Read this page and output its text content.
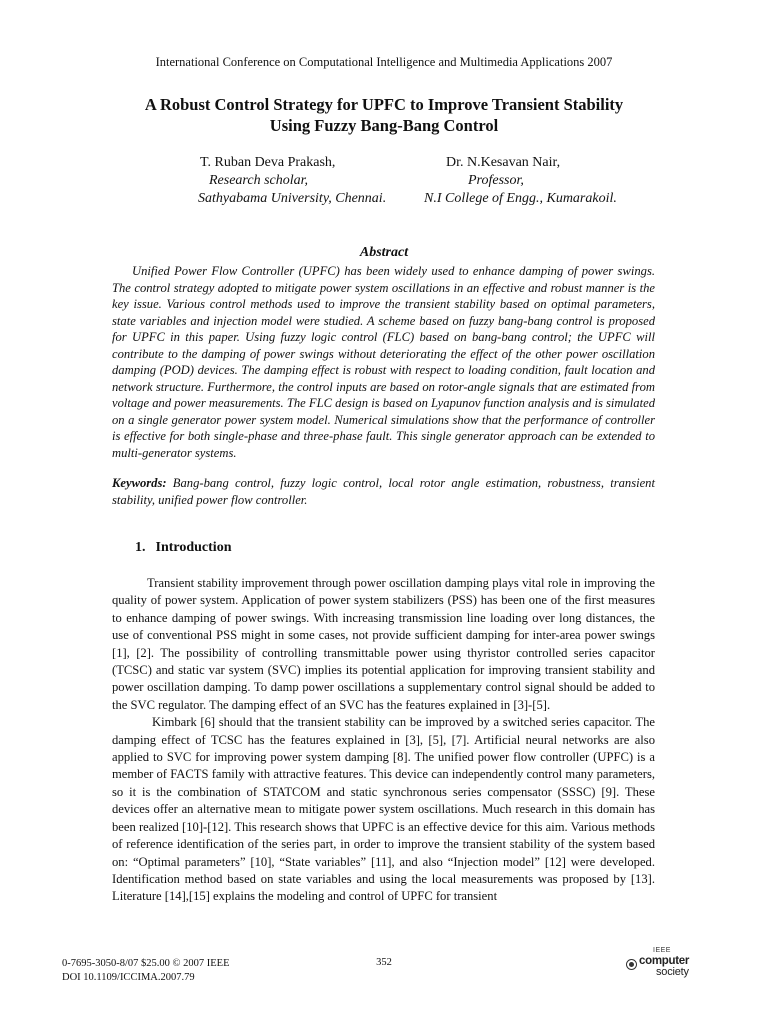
International Conference on Computational Intelligence and Multimedia Applications 2007
A Robust Control Strategy for UPFC to Improve Transient Stability
Using Fuzzy Bang-Bang Control
T. Ruban Deva Prakash,
Research scholar,
Sathyabama University, Chennai.
Dr. N.Kesavan Nair,
Professor,
N.I College of Engg., Kumarakoil.
Abstract

Unified Power Flow Controller (UPFC) has been widely used to enhance damping of power swings. The control strategy adopted to mitigate power system oscillations in an effective and robust manner is the key issue. Various control methods used to improve the transient stability based on optimal parameters, state variables and injection model were studied. A scheme based on fuzzy bang-bang control is proposed for UPFC in this paper. Using fuzzy logic control (FLC) based on bang-bang control; the UPFC will contribute to the damping of power swings without deteriorating the effect of the other power oscillation damping (POD) devices. The damping effect is robust with respect to loading condition, fault location and network structure. Furthermore, the control inputs are based on rotor-angle signals that are estimated from voltage and power measurements. The FLC design is based on Lyapunov function analysis and is simulated on a single generator power system model. Numerical simulations show that the performance of controller is effective for both single-phase and three-phase fault. This single generator approach can be extended to multi-generator systems.

Keywords: Bang-bang control, fuzzy logic control, local rotor angle estimation, robustness, transient stability, unified power flow controller.

1. Introduction

Transient stability improvement through power oscillation damping plays vital role in improving the quality of power system. Application of power system stabilizers (PSS) has been one of the first measures to enhance damping of power swings. With increasing transmission line loading over long distances, the use of conventional PSS might in some cases, not provide sufficient damping for inter-area power swings [1], [2]. The possibility of controlling transmittable power using thyristor controlled series capacitor (TCSC) and static var system (SVC) implies its potential application for improving transient stability and power oscillation damping. To damp power oscillations a supplementary control signal should be added to the SVC regulator. The damping effect of an SVC has the features explained in [3]-[5].

Kimbark [6] should that the transient stability can be improved by a switched series capacitor. The damping effect of TCSC has the features explained in [3], [5], [7]. Artificial neural networks are also applied to SVC for improving power system damping [8]. The unified power flow controller (UPFC) is a member of FACTS family with attractive features. This device can independently control many parameters, so it is the combination of STATCOM and static synchronous series compensator (SSSC) [9]. These devices offer an alternative mean to mitigate power system oscillations. Much research in this domain has been realized [10]-[12]. This research shows that UPFC is an effective device for this aim. Various methods of reference identification of the series part, in order to improve the transient stability of the system based on: “Optimal parameters” [10], “State variables” [11], and also “Injection model” [12] were developed. Identification method based on state variables and using the local measurements was proposed by [13]. Literature [14],[15] explains the modeling and control of UPFC for transient

0-7695-3050-8/07 $25.00 © 2007 IEEE
DOI 10.1109/ICCIMA.2007.79
352
IEEE
computer
society
